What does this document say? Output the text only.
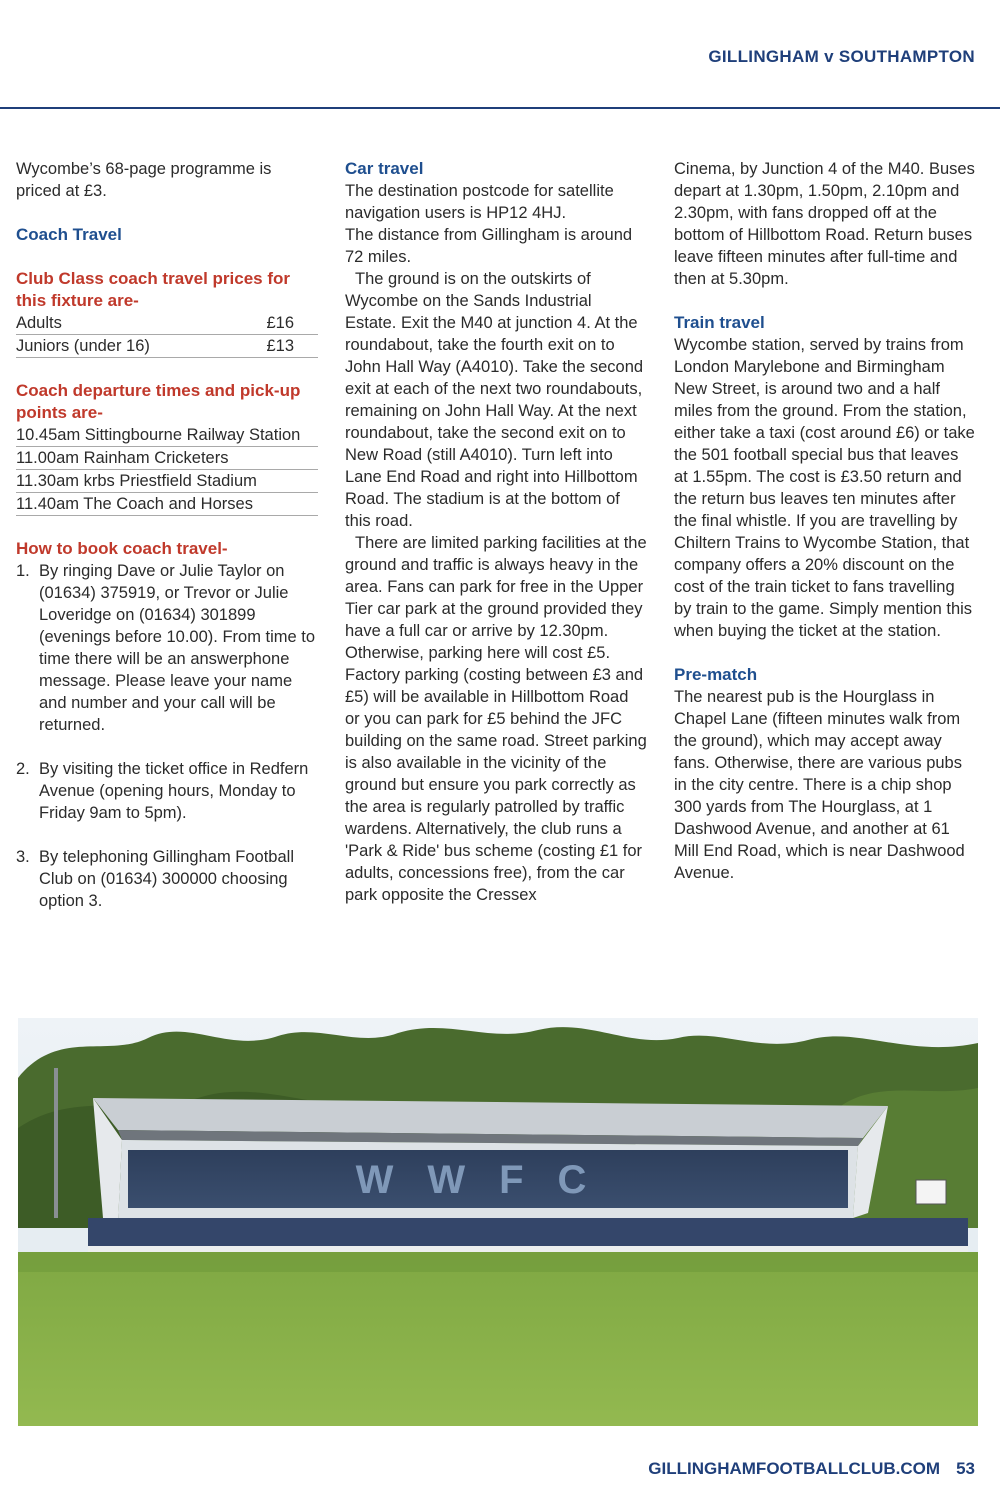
GILLINGHAM v SOUTHAMPTON

Wycombe’s 68-page programme is priced at £3.

Coach Travel

Club Class coach travel prices for this fixture are-

Adults	£16
Juniors (under 16)	£13

Coach departure times and pick-up points are-

10.45am Sittingbourne Railway Station
11.00am Rainham Cricketers
11.30am krbs Priestfield Stadium
11.40am The Coach and Horses

How to book coach travel-

1. By ringing Dave or Julie Taylor on (01634) 375919, or Trevor or Julie Loveridge on (01634) 301899 (evenings before 10.00). From time to time there will be an answerphone message. Please leave your name and number and your call will be returned.
2. By visiting the ticket office in Redfern Avenue (opening hours, Monday to Friday 9am to 5pm).
3. By telephoning Gillingham Football Club on (01634) 300000 choosing option 3.

Car travel

The destination postcode for satellite navigation users is HP12 4HJ.

The distance from Gillingham is around 72 miles.

The ground is on the outskirts of Wycombe on the Sands Industrial Estate. Exit the M40 at junction 4. At the roundabout, take the fourth exit on to John Hall Way (A4010). Take the second exit at each of the next two roundabouts, remaining on John Hall Way. At the next roundabout, take the second exit on to New Road (still A4010). Turn left into Lane End Road and right into Hillbottom Road. The stadium is at the bottom of this road.

There are limited parking facilities at the ground and traffic is always heavy in the area. Fans can park for free in the Upper Tier car park at the ground provided they have a full car or arrive by 12.30pm. Otherwise, parking here will cost £5. Factory parking (costing between £3 and £5) will be available in Hillbottom Road or you can park for £5 behind the JFC building on the same road. Street parking is also available in the vicinity of the ground but ensure you park correctly as the area is regularly patrolled by traffic wardens. Alternatively, the club runs a 'Park & Ride' bus scheme (costing £1 for adults, concessions free), from the car park opposite the Cressex

Cinema, by Junction 4 of the M40. Buses depart at 1.30pm, 1.50pm, 2.10pm and 2.30pm, with fans dropped off at the bottom of Hillbottom Road. Return buses leave fifteen minutes after full-time and then at 5.30pm.

Train travel

Wycombe station, served by trains from London Marylebone and Birmingham New Street, is around two and a half miles from the ground. From the station, either take a taxi (cost around £6) or take the 501 football special bus that leaves at 1.55pm. The cost is £3.50 return and the return bus leaves ten minutes after the final whistle. If you are travelling by Chiltern Trains to Wycombe Station, that company offers a 20% discount on the cost of the train ticket to fans travelling by train to the game. Simply mention this when buying the ticket at the station.

Pre-match

The nearest pub is the Hourglass in Chapel Lane (fifteen minutes walk from the ground), which may accept away fans. Otherwise, there are various pubs in the city centre. There is a chip shop 300 yards from The Hourglass, at 1 Dashwood Avenue, and another at 61 Mill End Road, which is near Dashwood Avenue.

WWFC
GILLINGHAMFOOTBALLCLUB.COM 53
